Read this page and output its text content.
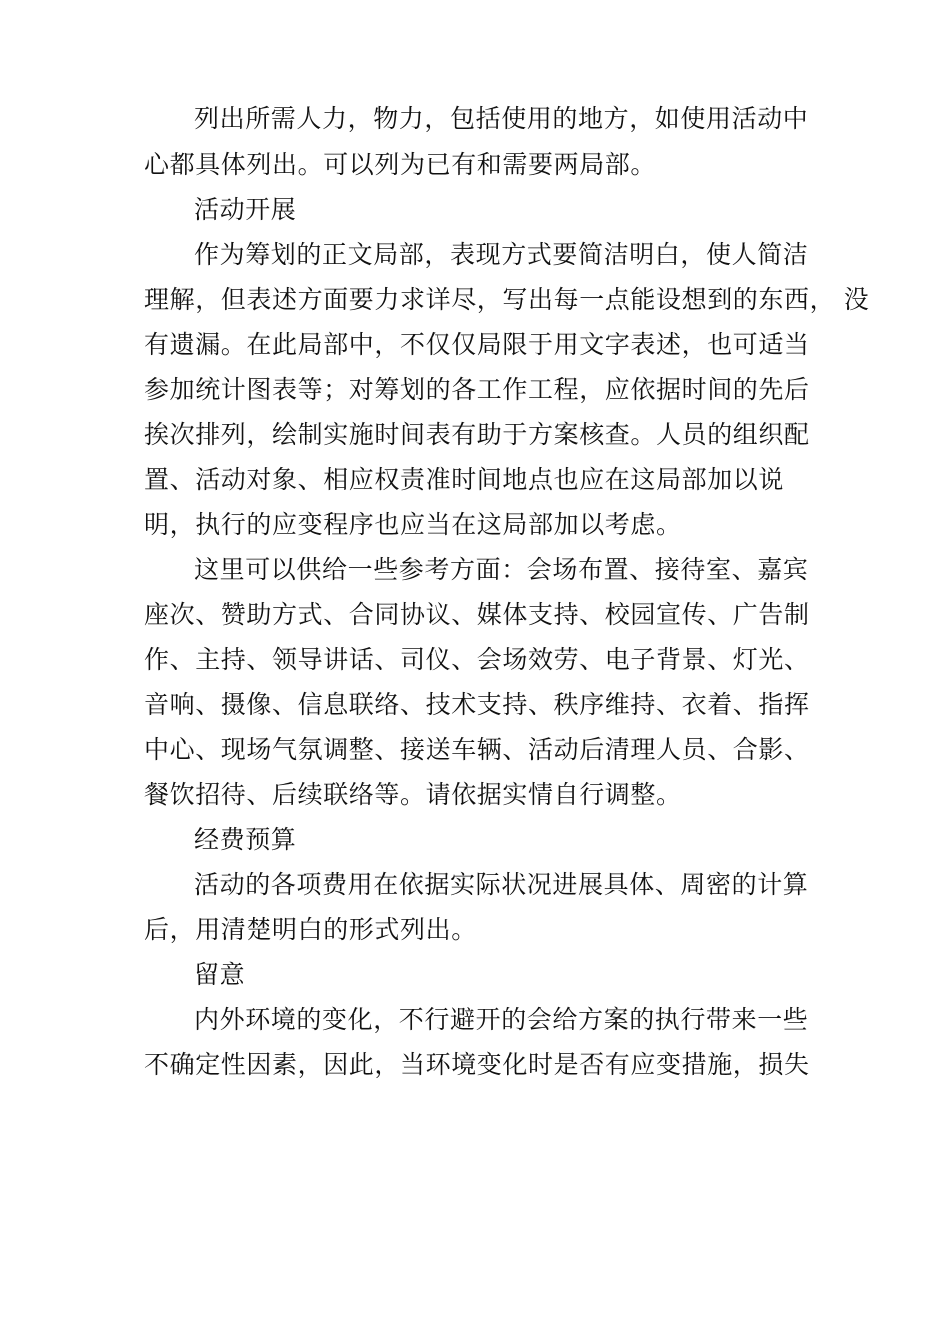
列出所需人力，物力，包括使用的地方，如使用活动中
心都具体列出。可以列为已有和需要两局部。
活动开展
作为筹划的正文局部，表现方式要简洁明白，使人简洁
理解，但表述方面要力求详尽，写出每一点能设想到的东西， 没
有遗漏。在此局部中，不仅仅局限于用文字表述，也可适当
参加统计图表等；对筹划的各工作工程，应依据时间的先后
挨次排列，绘制实施时间表有助于方案核查。人员的组织配
置、活动对象、相应权责准时间地点也应在这局部加以说
明，执行的应变程序也应当在这局部加以考虑。
这里可以供给一些参考方面：会场布置、接待室、嘉宾
座次、赞助方式、合同协议、媒体支持、校园宣传、广告制
作、主持、领导讲话、司仪、会场效劳、电子背景、灯光、
音响、摄像、信息联络、技术支持、秩序维持、衣着、指挥
中心、现场气氛调整、接送车辆、活动后清理人员、合影、
餐饮招待、后续联络等。请依据实情自行调整。
经费预算
活动的各项费用在依据实际状况进展具体、周密的计算
后，用清楚明白的形式列出。
留意
内外环境的变化，不行避开的会给方案的执行带来一些
不确定性因素，因此，当环境变化时是否有应变措施，损失
